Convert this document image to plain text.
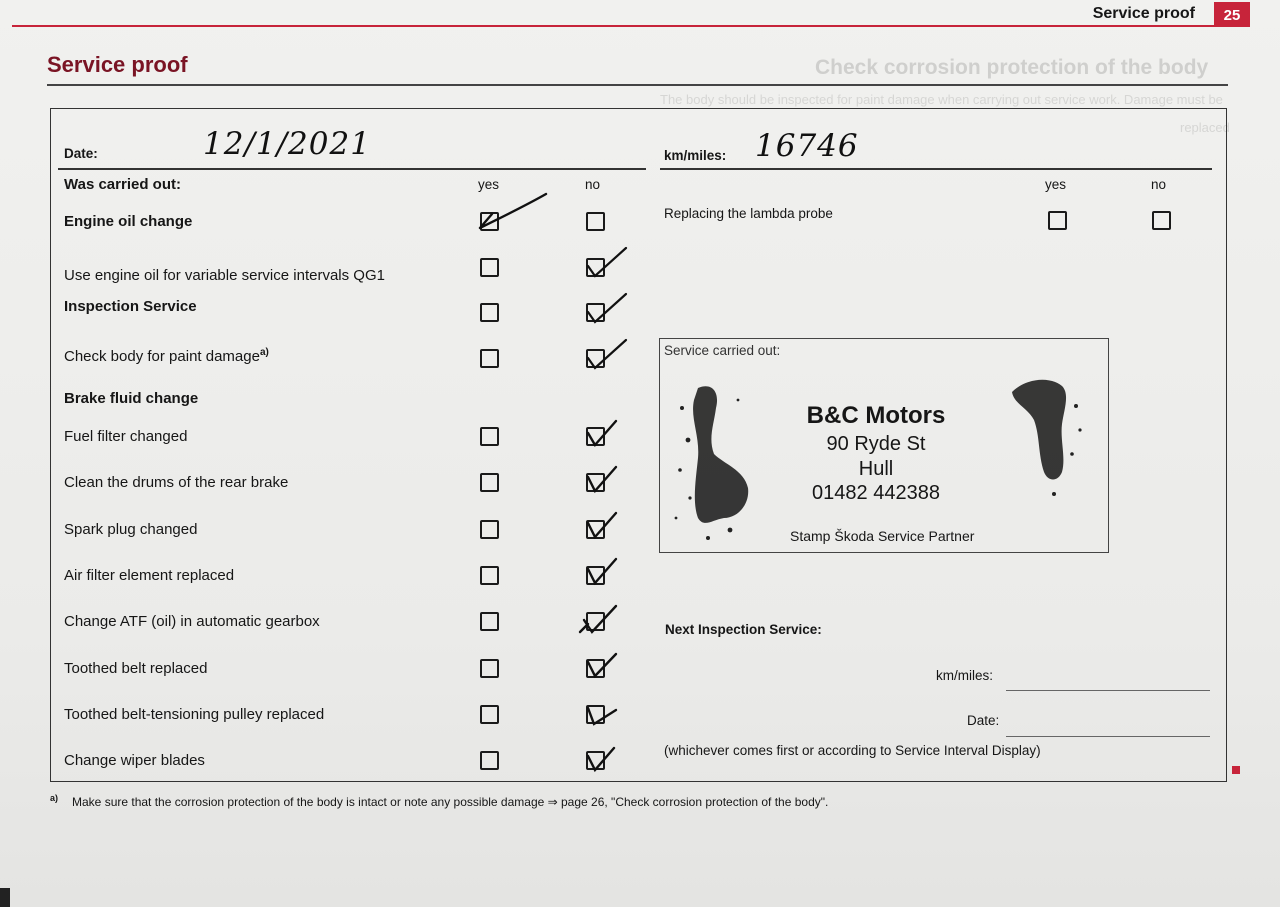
Service proof	25
Service proof	Check corrosion protection of the body
The body should be inspected for paint damage when carrying out service work. Damage must be
replaced
Date:	12/1/2021
Was carried out:	yes	no
Engine oil change
Use engine oil for variable service intervals QG1
Inspection Service
Check body for paint damage$^{a)}$
Brake fluid change
Fuel filter changed
Clean the drums of the rear brake
Spark plug changed
Air filter element replaced
Change ATF (oil) in automatic gearbox
Toothed belt replaced
Toothed belt-tensioning pulley replaced
Change wiper blades
km/miles: 16746
yes	no
Replacing the lambda probe
Service carried out:
B&C Motors
90 Ryde St
Hull
01482 442388
Stamp Škoda Service Partner
Next Inspection Service:
km/miles:
Date:
(whichever comes first or according to Service Interval Display)
$^{a)}$ Make sure that the corrosion protection of the body is intact or note any possible damage ⇒ page 26, "Check corrosion protection of the body".
